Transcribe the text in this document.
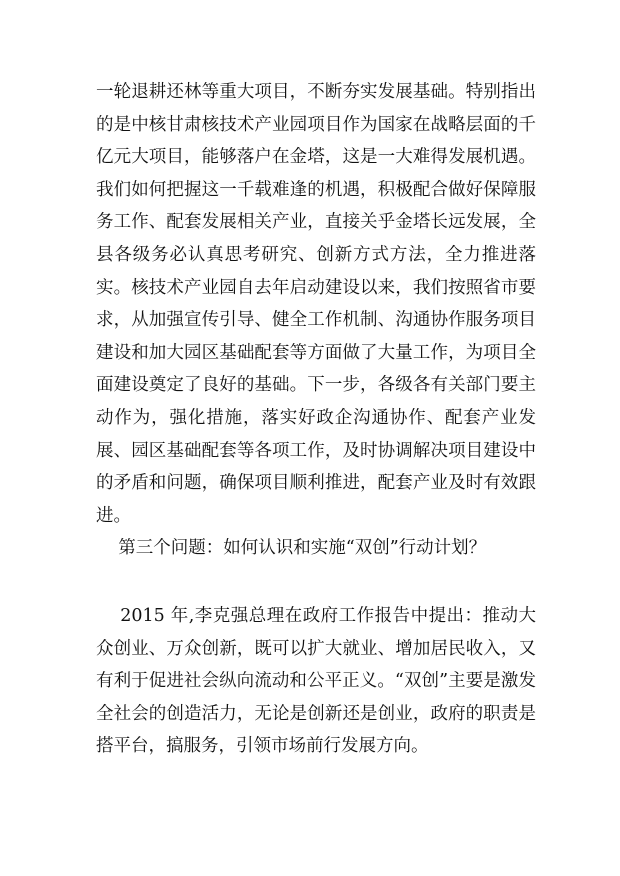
一轮退耕还林等重大项目，不断夯实发展基础。特别指出的是中核甘肃核技术产业园项目作为国家在战略层面的千亿元大项目，能够落户在金塔，这是一大难得发展机遇。我们如何把握这一千载难逢的机遇，积极配合做好保障服务工作、配套发展相关产业，直接关乎金塔长远发展，全县各级务必认真思考研究、创新方式方法，全力推进落实。核技术产业园自去年启动建设以来，我们按照省市要求，从加强宣传引导、健全工作机制、沟通协作服务项目建设和加大园区基础配套等方面做了大量工作，为项目全面建设奠定了良好的基础。下一步，各级各有关部门要主动作为，强化措施，落实好政企沟通协作、配套产业发展、园区基础配套等各项工作，及时协调解决项目建设中的矛盾和问题，确保项目顺利推进，配套产业及时有效跟进。

第三个问题：如何认识和实施“双创”行动计划？

2015 年,李克强总理在政府工作报告中提出：推动大众创业、万众创新，既可以扩大就业、增加居民收入，又有利于促进社会纵向流动和公平正义。“双创”主要是激发全社会的创造活力，无论是创新还是创业，政府的职责是搭平台，搞服务，引领市场前行发展方向。
